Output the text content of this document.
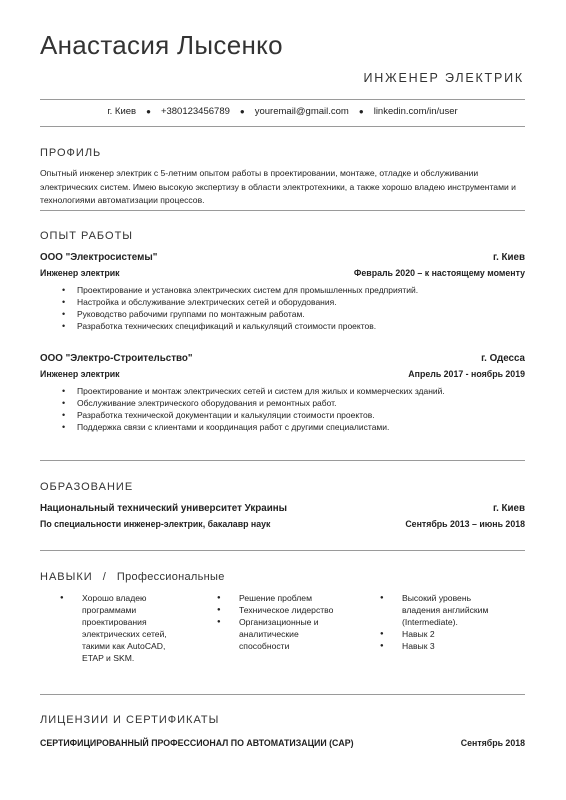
Анастасия Лысенко
ИНЖЕНЕР ЭЛЕКТРИК
г. Киев ● +380123456789 ● youremail@gmail.com ● linkedin.com/in/user
ПРОФИЛЬ
Опытный инженер электрик с 5-летним опытом работы в проектировании, монтаже, отладке и обслуживании электрических систем. Имею высокую экспертизу в области электротехники, а также хорошо владею инструментами и технологиями автоматизации процессов.
ОПЫТ РАБОТЫ
ООО "Электросистемы"	г. Киев
Инженер электрик	Февраль 2020 – к настоящему моменту
• Проектирование и установка электрических систем для промышленных предприятий.
• Настройка и обслуживание электрических сетей и оборудования.
• Руководство рабочими группами по монтажным работам.
• Разработка технических спецификаций и калькуляций стоимости проектов.
ООО "Электро-Строительство"	г. Одесса
Инженер электрик	Апрель 2017 - ноябрь 2019
• Проектирование и монтаж электрических сетей и систем для жилых и коммерческих зданий.
• Обслуживание электрического оборудования и ремонтных работ.
• Разработка технической документации и калькуляции стоимости проектов.
• Поддержка связи с клиентами и координация работ с другими специалистами.
ОБРАЗОВАНИЕ
Национальный технический университет Украины	г. Киев
По специальности инженер-электрик, бакалавр наук	Сентябрь 2013 – июнь 2018
НАВЫКИ / Профессиональные
● Хорошо владею программами проектирования электрических сетей, такими как AutoCAD, ETAP и SKM.
● Решение проблем
● Техническое лидерство
● Организационные и аналитические способности
● Высокий уровень владения английским (Intermediate).
● Навык 2
● Навык 3
ЛИЦЕНЗИИ И СЕРТИФИКАТЫ
СЕРТИФИЦИРОВАННЫЙ ПРОФЕССИОНАЛ ПО АВТОМАТИЗАЦИИ (CAP)	Сентябрь 2018
